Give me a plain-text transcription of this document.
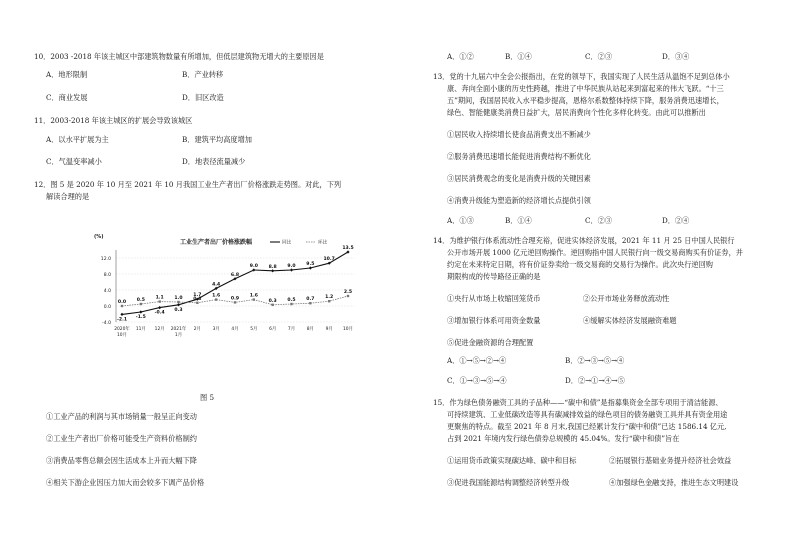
10．2003 -2018 年该主城区中部建筑物数量有所增加，但低层建筑物无增大的主要原因是
A．地形限制	B．产业转移
C．商业发展	D．旧区改造
11．2003-2018 年该主城区的扩展会导致该城区
A．以水平扩展为主	B．建筑平均高度增加
C．气温变率减小	D．地表径流量减少
12．图 5 是 2020 年 10 月至 2021 年 10 月我国工业生产者出厂价格涨跌走势图。对此，下列
解读合理的是
(%)
工业生产者出厂价格涨跌幅	同比	环比
12.0
8.0
4.0
0.0
-4.0
2020年
10月
11月 12月 2021年
1月
2月	3月	4月	5月	6月	7月	8月	9月 10月
-2.1 -1.5
-0.4
0.3
1.7
4.4
6.8
9.0 8.8 9.0 9.5
10.7
13.5
0.0 0.5 1.1 1.0 0.8
1.6
0.9
1.6
0.3 0.5 0.7 1.2
2.5
图 5
①工业产品的利润与其市场销量一般呈正向变动
②工业生产者出厂价格可能受生产资料价格制约
③消费品零售总额会因生活成本上升而大幅下降
④相关下游企业因压力加大而会较多下调产品价格
A．①②	B．①④	C．②③	D．③④
13．党的十九届六中全会公报指出，在党的领导下，我国实现了人民生活从温饱不足到总体小
康、奔向全面小康的历史性跨越，推进了中华民族从站起来到富起来的伟大飞跃。“十三
五”期间，我国居民收入水平稳步提高，恩格尔系数整体持续下降，服务消费迅速增长，
绿色、智能健康类消费日益扩大，居民消费向个性化多样化转变。由此可以推断出
①居民收入持续增长使食品消费支出不断减少
②服务消费迅速增长能促进消费结构不断优化
③居民消费观念的变化是消费升级的关键因素
④消费升级能为塑造新的经济增长点提供引领
A．①③	B．①④	C．②③	D．②④
14．为维护银行体系流动性合理充裕，促进实体经济发展，2021 年 11 月 25 日中国人民银行
公开市场开展 1000 亿元逆回购操作。逆回购指中国人民银行向一级交易商购买有价证券，并
约定在未来特定日期，将有价证券卖给一级交易商的交易行为操作。此次央行逆回购
期限构成的传导路径正确的是
①央行从市场上收缩回笼货币	②公开市场业务释放流动性
③增加银行体系可用资金数量	④缓解实体经济发展融资难题
⑤促进金融资源的合理配置
A．①→⑤→②→④	B．②→③→⑤→④
C．①→③→⑤→④	D．②→①→④→⑤
15．作为绿色债务融资工具的子品种——“碳中和债”是指募集资金全部专项用于清洁能源、
可持续建筑、工业低碳改造等具有碳减排效益的绿色项目的债务融资工具并具有资金用途
更聚焦的特点。截至 2021 年 8 月末,我国已经累计发行“碳中和债”已达 1586.14 亿元,
占到 2021 年境内发行绿色债券总规模的 45.04%。发行“碳中和债”旨在
①运用货币政策实现碳达峰、碳中和目标	②拓展银行基础业务提升经济社会效益
③促进我国能源结构调整经济转型升级	④加强绿色金融支持，推进生态文明建设
